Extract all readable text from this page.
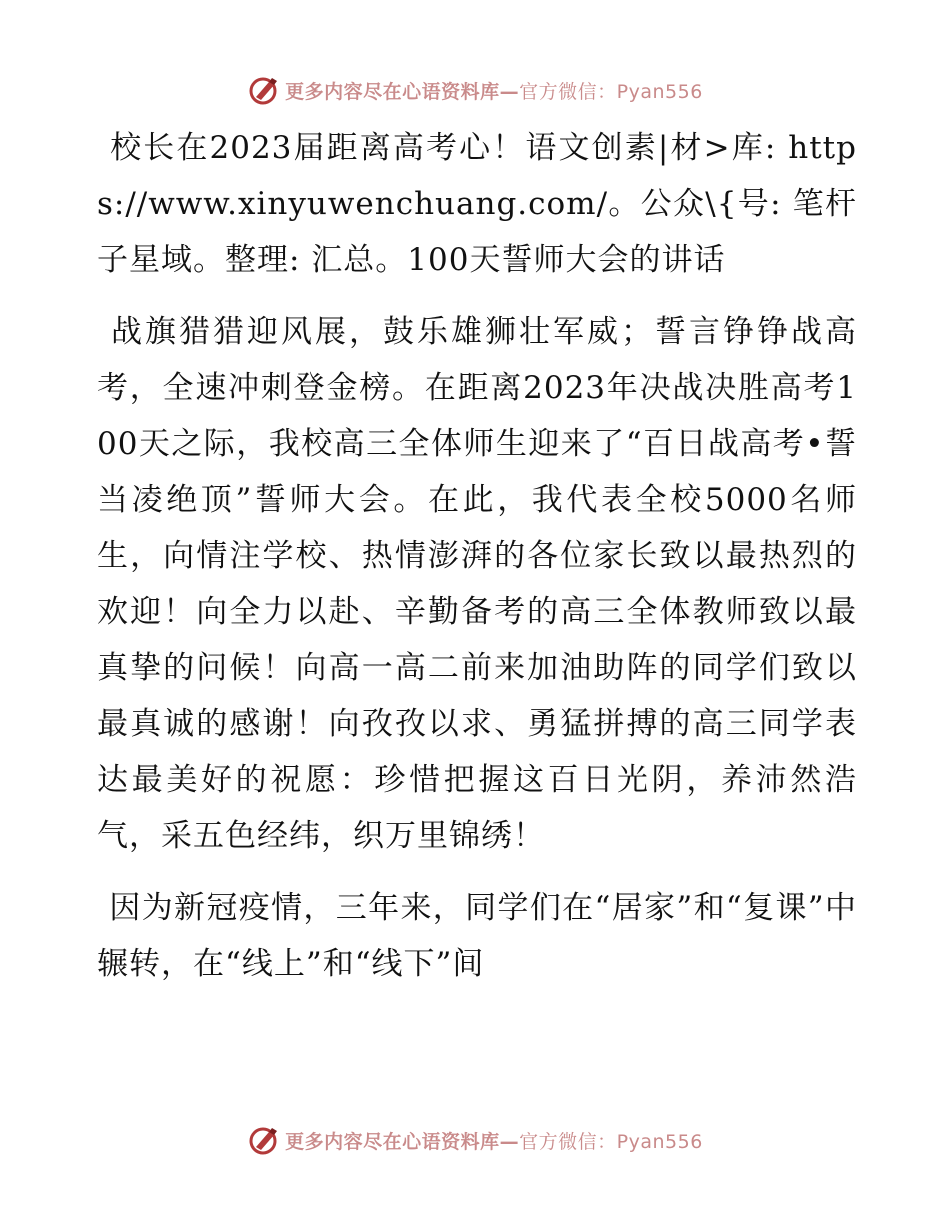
更多内容尽在心语资料库—官方微信：Pyan556

校长在2023届距离高考心！语文创素|材>库: https://www.xinyuwenchuang.com/。公众\{号: 笔杆子星域。整理: 汇总。100天誓师大会的讲话

战旗猎猎迎风展，鼓乐雄狮壮军威；誓言铮铮战高考，全速冲刺登金榜。在距离2023年决战决胜高考100天之际，我校高三全体师生迎来了“百日战高考•誓当凌绝顶”誓师大会。在此，我代表全校5000名师生，向情注学校、热情澎湃的各位家长致以最热烈的欢迎！向全力以赴、辛勤备考的高三全体教师致以最真挚的问候！向高一高二前来加油助阵的同学们致以最真诚的感谢！向孜孜以求、勇猛拼搏的高三同学表达最美好的祝愿：珍惜把握这百日光阴，养沛然浩气，采五色经纬，织万里锦绣！

因为新冠疫情，三年来，同学们在“居家”和“复课”中辗转，在“线上”和“线下”间

更多内容尽在心语资料库—官方微信：Pyan556
